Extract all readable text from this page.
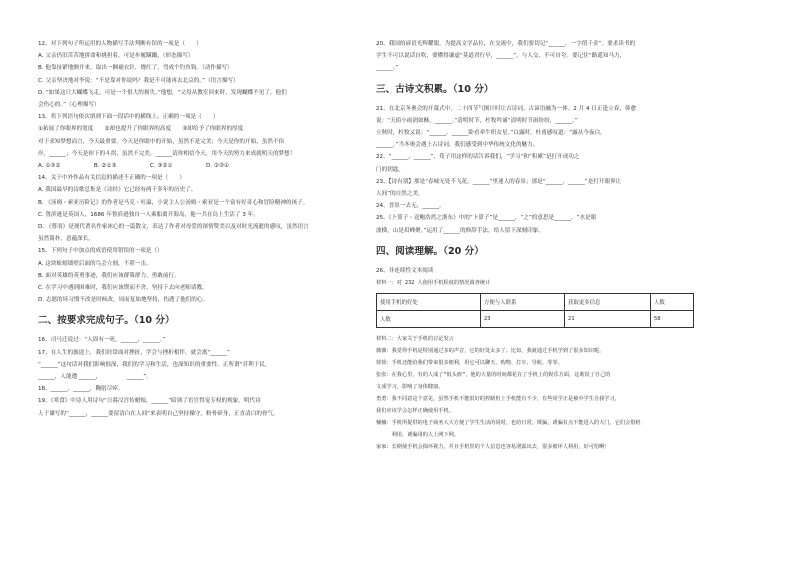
12、对下列句子所运用的人物描写手法判断有误的一项是（　　）
A. 父亲仍旧苦苦地拼命和挑担着，可是步履蹒跚，（形态描写）
B. 他靠扯紧地颤开来，取出一捆褪衣针，烧红了，弯成个钓鱼钩。（动作描写）
C. 父亲坚决地对李说：“不是靠对你说吗？我是不可能再去北京的。”（语言描写）
D. “如果这只大蝴蝶飞走，可是一个很大的损失。”他想，“父母从教室回来时，发现蝴蝶不见了，他们
会伤心的。”（心理描写）
13、将下列语句依次填到下面一段话中的横线上，正确的一项是（　　）
①拓展了你眼界的宽度　　②却也提升了你眼界的高度　　③却给予了你眼界的厚度
对于求知梦想而言，今天最重要。今天是你眼中的开始，虽然不是完美；今天是你的开始，虽然不伟
岸，______；今天是你下的斗拐，虽然不完美，______请你相信今天，用今天的努力来成就明天的梦想！
A. ①③②　　　　　　B. ②①③　　　　　　C. ③②①　　　　　　D. ②③①
14、关于中外作品有关信息的描述不正确的一项是（　　）
A. 我国最早的诗歌总集是《诗经》它已经有两千多年的历史了。
B. 《汤姆・索亚历险记》的作者是马克・吐温，小说主人公汤姆・索亚是一个富有好奇心和冒险精神的孩子。
C. 鲁滨逊是英国人，1686 年鲁滨逊独自一人乘船离开海岛，他一共在岛上生活了 3 年。
D. 《尊羽》是现代著名作家冰心的一篇散文，表达了作者对母爱的深情赞美以及对时光流逝的感叹，虽然语言
虽然简朴，意蕴深长。
15、下列句子中加点的成语使用错误的一项是（）
A. 这块蚯蚓墙壁后面的鸟会立刻，不堪一击。
B. 面对英雄的英勇事迹，我们应该群策群力，勇敢前行。
C. 在学习中遇到困难时，我们应该锲而不舍，坚持下去向老师请教。
D. 志愿的坏习惯不改是时候改，周而复始地坚持，伤透了他们的心。
二、按要求完成句子。（10 分）
16、司马迁说过：“人固有一死，______，______。”
17、在人生的旅途上，我们经常面对挫折，学会与挫折相伴，就会离“______”
“______”这句话对我们影响很深，我们的学习和生活，也深知识的重要性。正所谓“昔利于民，
______，人能遭 ______，　　　　　______”。
18、______，______，鞠躬尽瘁。
19、《寒食》中诗人用诗句“日暮汉宫传蜡烛，______”暗讽了宦官得宠专权的现象。明代诗
人于谦写的“______，______要留清白在人间”来表明自己坚持操守，粉骨碎身，正直清白的骨气。
20、我国的谚语光辉耀眼。为提高文学品位，在交流中，我们要切记“______，一字值千金”。要求读书的
学生不可以说话自吹，要懂得谦虚“莫道君行早，______”。与人交，不可自夸。要记住“路遥知马力，
______。”
三、古诗文积累。（10 分）
21、在北京冬奥会的开幕式中，二十四节气倒计时让古诗词、古谚语融为一体。2 月 4 日正逢立春，韩愈
说：“天街小雨润如酥，______。”清明时节，杜牧吟诵“清明时节雨纷纷，______。”
立秋时，杜牧又说：“______，______卧看牵牛织女星。”白露时，杜甫感叹道：“露从今夜白，
______。”当冬奥会遇上古诗词，我们感受到中华传统文化的魅力。
22、“______，______”，荀子用这样的话告诉我们，“学习”和“积累”是打开成功之
门的钥匙。
23、【诗有别】那是“春城无处不飞花，______”里迷人的春景；那是“______，______”是打开眼界让
人间”的自然之美。
24、晋景一去无，______。
25、《卜算子・送鲍浩然之浙东》中的“卜算子”是______，“之”的意思是______，“水是眼
波横，山是眉峰聚。”运用了______的修辞手法，给人留下深刻印象。
四、阅读理解。（20 分）
26、非连续性文本阅读
材料一：对 232 人使用手机程度的情况调查统计
使用手机的好处	方便与人联系	获取更多信息	人数
人数	23	21	58
材料二：大家关于手机的讨论发言
薇薇：我觉得手机是特别通过多的声音，它的好处太多了。比如，我就通过手机学到了很多知识呢。
徐徐：手机还能给我们带来很多便利，用它可以聊天、购物、打车、导航、等等。
张张：在我心里，有的人成了“低头族”，他的大量的时间都花在了手机上的娱乐方面，这耽误了自己的
文成学习，影响了身体健康。
勇勇：我不同意这个意见，虽然手机不能很好的控制但上手机能有不少，有些同学正是被中学生自我学习，
我们应该学会怎样正确使用手机。
楠楠：手机所提供的电子商务大大方便了学生生活的同时，也给日常，欺骗，诱骗有点不能进入的大门，它们会借机
　　　利用，诱骗用的人上网下网。
家家：长期使手机会损坏视力，并且手机里的个人信息也容易泄露出去，很多被坏人利用，好可怕啊！
